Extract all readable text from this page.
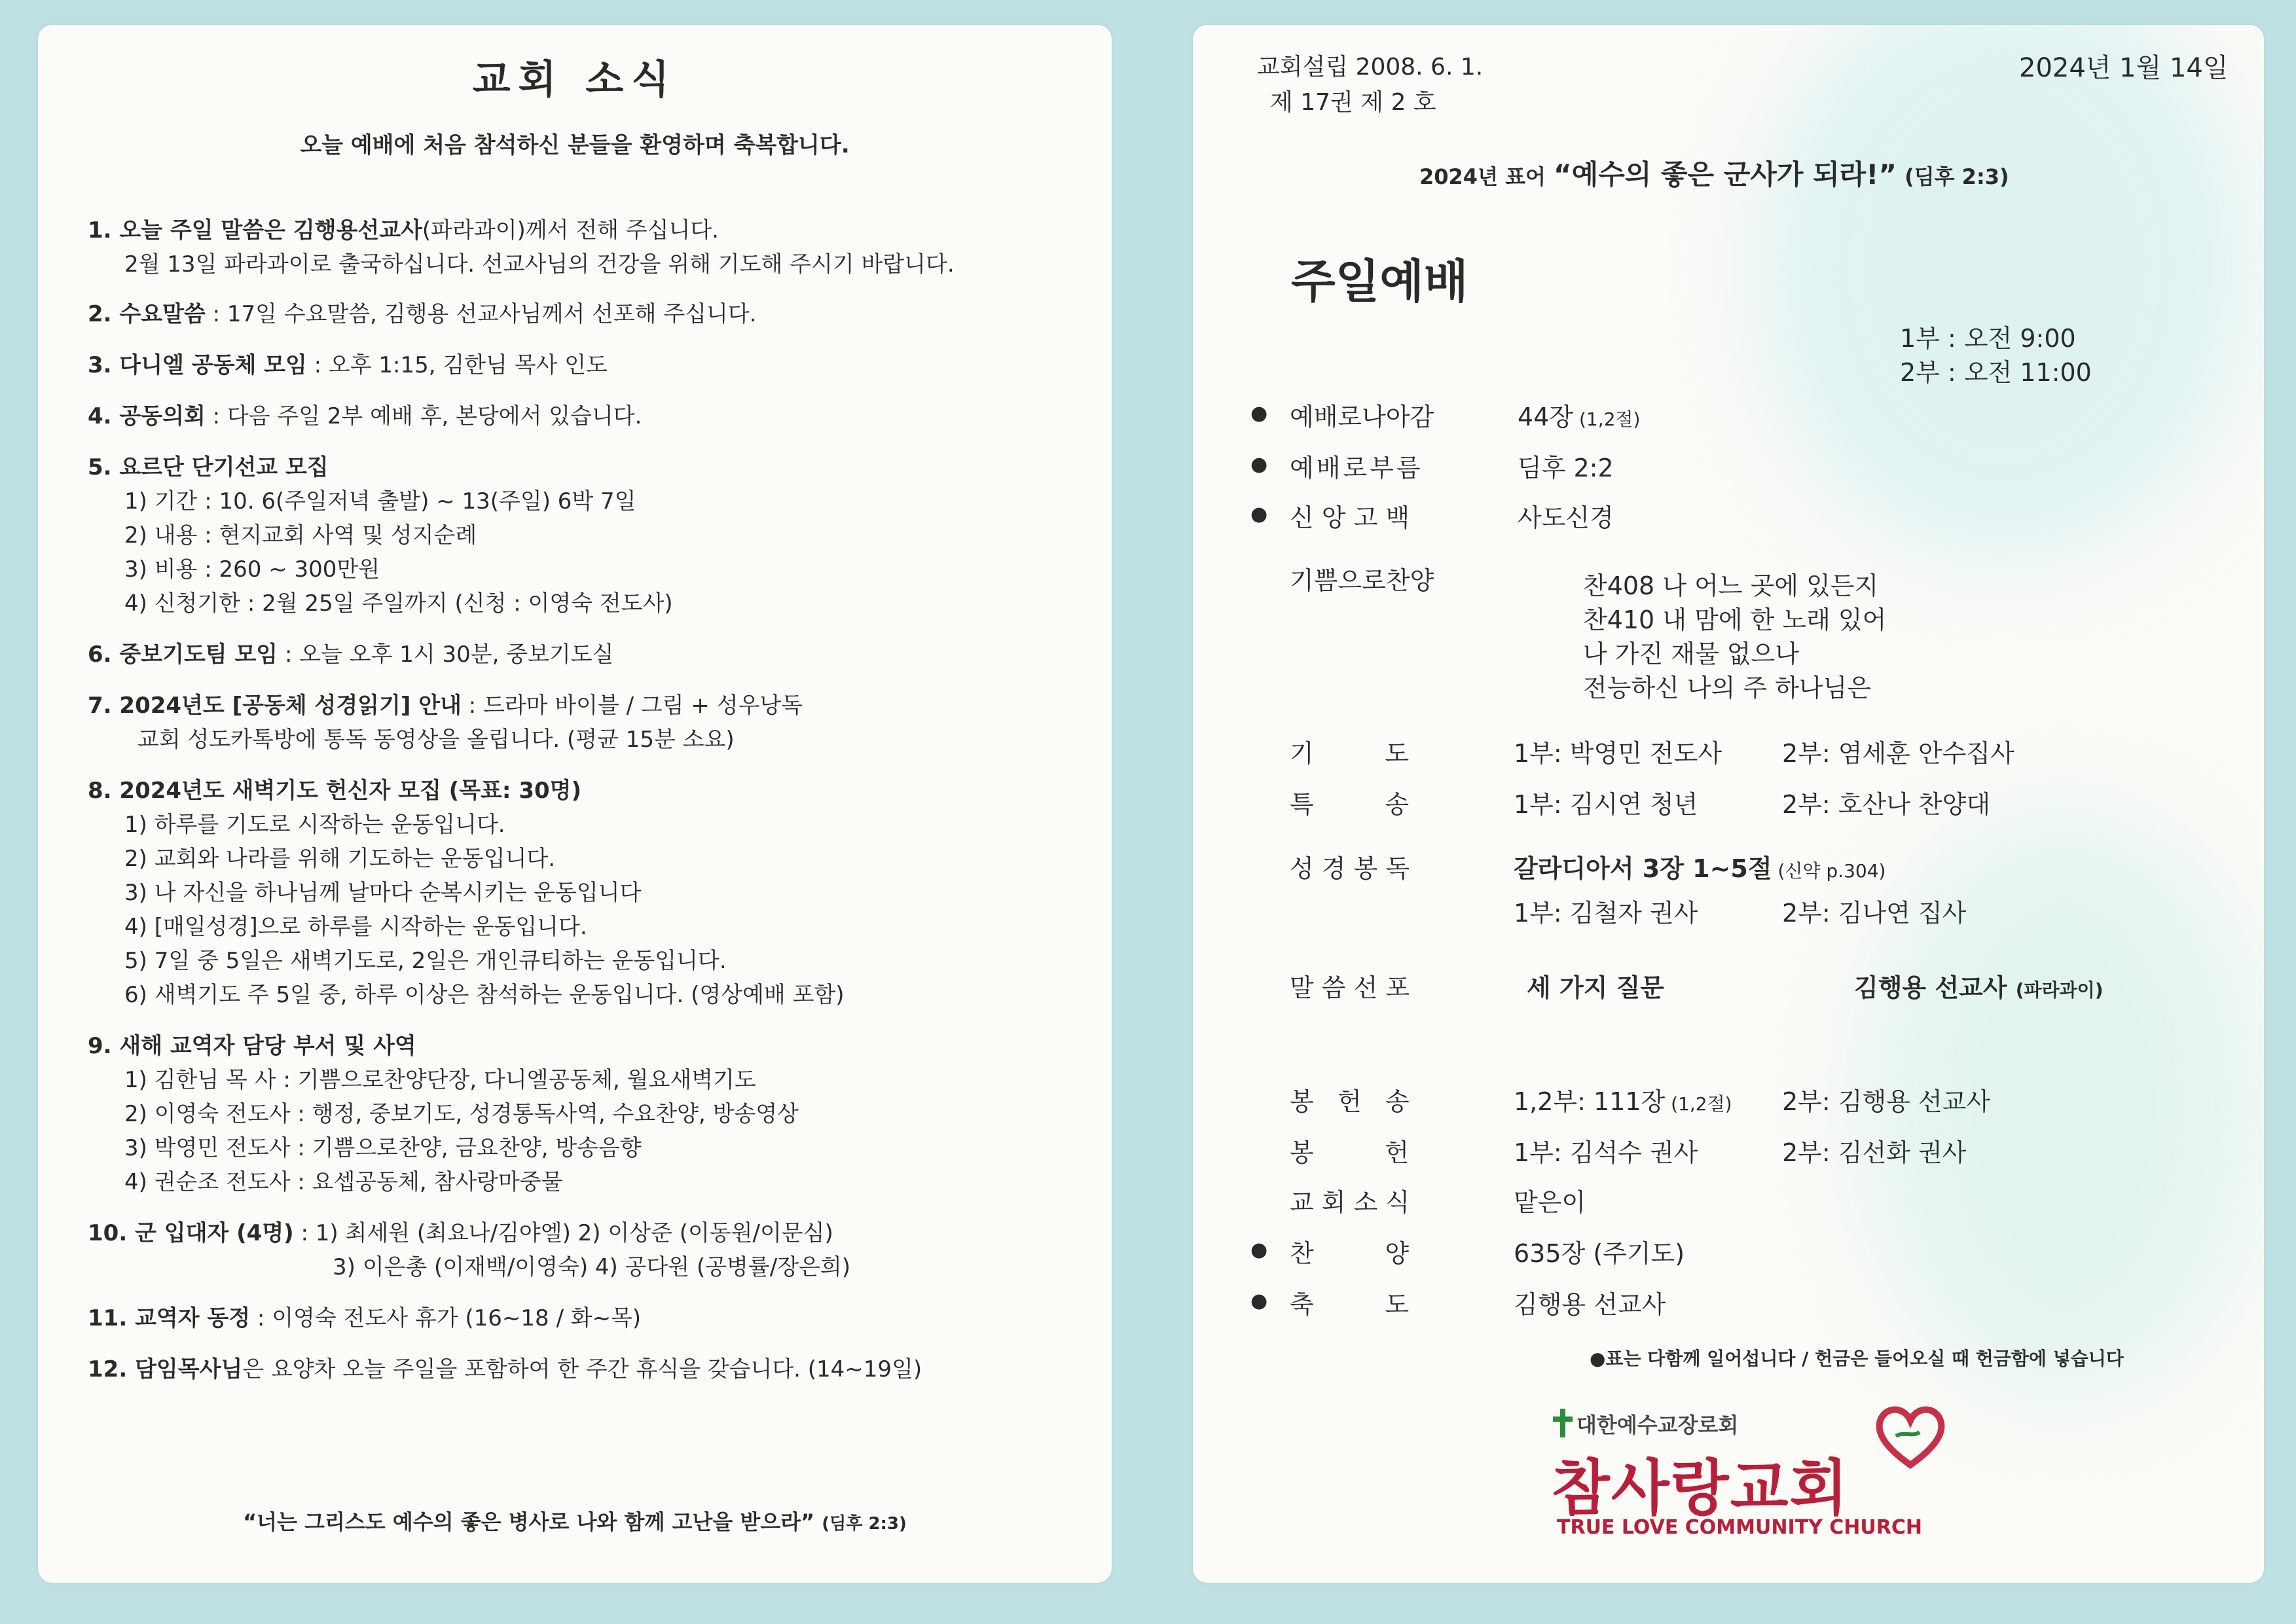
교회 소식
오늘 예배에 처음 참석하신 분들을 환영하며 축복합니다.
1. 오늘 주일 말씀은 김행용선교사(파라과이)께서 전해 주십니다.
2월 13일 파라과이로 출국하십니다. 선교사님의 건강을 위해 기도해 주시기 바랍니다.
2. 수요말씀 : 17일 수요말씀, 김행용 선교사님께서 선포해 주십니다.
3. 다니엘 공동체 모임 : 오후 1:15, 김한님 목사 인도
4. 공동의회 : 다음 주일 2부 예배 후, 본당에서 있습니다.
5. 요르단 단기선교 모집
1) 기간 : 10. 6(주일저녁 출발) ~ 13(주일) 6박 7일
2) 내용 : 현지교회 사역 및 성지순례
3) 비용 : 260 ~ 300만원
4) 신청기한 : 2월 25일 주일까지 (신청 : 이영숙 전도사)
6. 중보기도팀 모임 : 오늘 오후 1시 30분, 중보기도실
7. 2024년도 [공동체 성경읽기] 안내 : 드라마 바이블 / 그림 + 성우낭독
교회 성도카톡방에 통독 동영상을 올립니다. (평균 15분 소요)
8. 2024년도 새벽기도 헌신자 모집 (목표: 30명)
1) 하루를 기도로 시작하는 운동입니다.
2) 교회와 나라를 위해 기도하는 운동입니다.
3) 나 자신을 하나님께 날마다 순복시키는 운동입니다
4) [매일성경]으로 하루를 시작하는 운동입니다.
5) 7일 중 5일은 새벽기도로, 2일은 개인큐티하는 운동입니다.
6) 새벽기도 주 5일 중, 하루 이상은 참석하는 운동입니다. (영상예배 포함)
9. 새해 교역자 담당 부서 및 사역
1) 김한님 목 사 : 기쁨으로찬양단장, 다니엘공동체, 월요새벽기도
2) 이영숙 전도사 : 행정, 중보기도, 성경통독사역, 수요찬양, 방송영상
3) 박영민 전도사 : 기쁨으로찬양, 금요찬양, 방송음향
4) 권순조 전도사 : 요셉공동체, 참사랑마중물
10. 군 입대자 (4명) : 1) 최세원 (최요나/김야엘) 2) 이상준 (이동원/이문심)
3) 이은총 (이재백/이영숙) 4) 공다원 (공병률/장은희)
11. 교역자 동정 : 이영숙 전도사 휴가 (16~18 / 화~목)
12. 담임목사님은 요양차 오늘 주일을 포함하여 한 주간 휴식을 갖습니다. (14~19일)
“너는 그리스도 예수의 좋은 병사로 나와 함께 고난을 받으라” (딤후 2:3)
교회설립 2008. 6. 1.
제 17권 제 2 호
2024년 1월 14일
2024년 표어 “예수의 좋은 군사가 되라!” (딤후 2:3)
주일예배
1부 : 오전 9:00
2부 : 오전 11:00
● 예배로나아감	44장 (1,2절)
● 예배로부름	딤후 2:2
● 신 앙 고 백	사도신경
기쁨으로찬양	찬408 나 어느 곳에 있든지
찬410 내 맘에 한 노래 있어
나 가진 재물 없으나
전능하신 나의 주 하나님은
기         도	1부: 박영민 전도사 2부: 염세훈 안수집사
특         송	1부: 김시연 청년	2부: 호산나 찬양대
성 경 봉 독	갈라디아서 3장 1~5절 (신약 p.304)
1부: 김철자 권사	2부: 김나연 집사
말 씀 선 포	세 가지 질문	김행용 선교사 (파라과이)
봉   헌   송	1,2부: 111장 (1,2절) 2부: 김행용 선교사
봉         헌	1부: 김석수 권사	2부: 김선화 권사
교 회 소 식	맡은이
● 찬         양	635장 (주기도)
● 축         도	김행용 선교사
●표는 다함께 일어섭니다 / 헌금은 들어오실 때 헌금함에 넣습니다
대한예수교장로회
참사랑교회
TRUE LOVE COMMUNITY CHURCH
